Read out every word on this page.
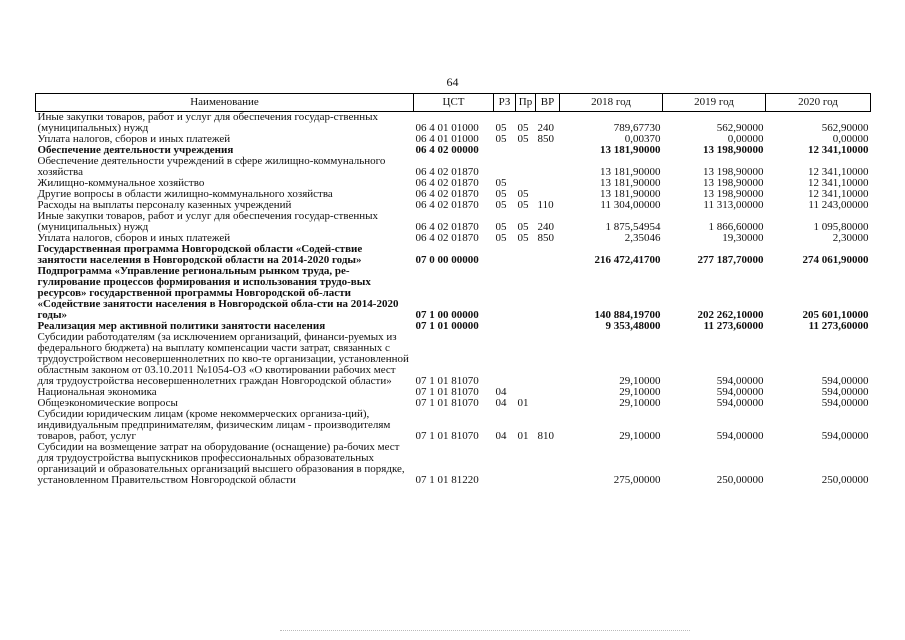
64
Наименование	ЦСТ	РЗ	Пр	ВР	2018 год	2019 год	2020 год
Иные закупки товаров, работ и услуг для обеспечения государ-ственных (муниципальных) нужд	06 4 01 01000	05	05	240	789,67730	562,90000	562,90000
Уплата налогов, сборов и иных платежей	06 4 01 01000	05	05	850	0,00370	0,00000	0,00000
Обеспечение деятельности учреждения	06 4 02 00000				13 181,90000	13 198,90000	12 341,10000
Обеспечение деятельности учреждений в сфере жилищно-коммунального хозяйства	06 4 02 01870				13 181,90000	13 198,90000	12 341,10000
Жилищно-коммунальное хозяйство	06 4 02 01870	05			13 181,90000	13 198,90000	12 341,10000
Другие вопросы в области жилищно-коммунального хозяйства	06 4 02 01870	05	05		13 181,90000	13 198,90000	12 341,10000
Расходы на выплаты персоналу казенных учреждений	06 4 02 01870	05	05	110	11 304,00000	11 313,00000	11 243,00000
Иные закупки товаров, работ и услуг для обеспечения государ-ственных (муниципальных) нужд	06 4 02 01870	05	05	240	1 875,54954	1 866,60000	1 095,80000
Уплата налогов, сборов и иных платежей	06 4 02 01870	05	05	850	2,35046	19,30000	2,30000
Государственная программа Новгородской области «Содей-ствие занятости населения в Новгородской области на 2014-2020 годы»	07 0 00 00000				216 472,41700	277 187,70000	274 061,90000
Подпрограмма «Управление региональным рынком труда, ре-гулирование процессов формирования и использования трудо-вых ресурсов» государственной программы Новгородской об-ласти «Содействие занятости населения в Новгородской обла-сти на 2014-2020 годы»	07 1 00 00000				140 884,19700	202 262,10000	205 601,10000
Реализация мер активной политики занятости населения	07 1 01 00000				9 353,48000	11 273,60000	11 273,60000
Субсидии работодателям (за исключением организаций, финанси-руемых из федерального бюджета) на выплату компенсации части затрат, связанных с трудоустройством несовершеннолетних по кво-те организации, установленной областным законом от 03.10.2011 №1054-ОЗ «О квотировании рабочих мест для трудоустройства несовершеннолетних граждан Новгородской области»	07 1 01 81070				29,10000	594,00000	594,00000
Национальная экономика	07 1 01 81070	04			29,10000	594,00000	594,00000
Общеэкономические вопросы	07 1 01 81070	04	01		29,10000	594,00000	594,00000
Субсидии юридическим лицам (кроме некоммерческих организа-ций), индивидуальным предпринимателям, физическим лицам - производителям товаров, работ, услуг	07 1 01 81070	04	01	810	29,10000	594,00000	594,00000
Субсидии на возмещение затрат на оборудование (оснащение) ра-бочих мест для трудоустройства выпускников профессиональных образовательных организаций и образовательных организаций высшего образования в порядке, установленном Правительством Новгородской области	07 1 01 81220				275,00000	250,00000	250,00000
